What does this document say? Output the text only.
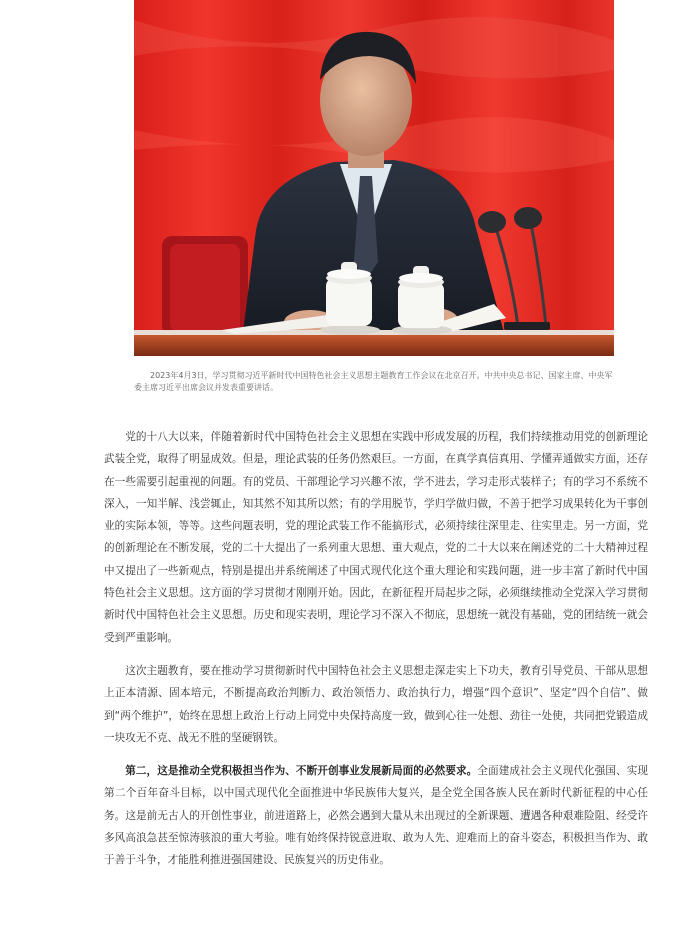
2023年4月3日，学习贯彻习近平新时代中国特色社会主义思想主题教育工作会议在北京召开。中共中央总书记、国家主席、中央军委主席习近平出席会议并发表重要讲话。

党的十八大以来，伴随着新时代中国特色社会主义思想在实践中形成发展的历程，我们持续推动用党的创新理论武装全党，取得了明显成效。但是，理论武装的任务仍然艰巨。一方面，在真学真信真用、学懂弄通做实方面，还存在一些需要引起重视的问题。有的党员、干部理论学习兴趣不浓，学不进去，学习走形式装样子；有的学习不系统不深入，一知半解、浅尝辄止，知其然不知其所以然；有的学用脱节，学归学做归做，不善于把学习成果转化为干事创业的实际本领，等等。这些问题表明，党的理论武装工作不能搞形式，必须持续往深里走、往实里走。另一方面，党的创新理论在不断发展，党的二十大提出了一系列重大思想、重大观点，党的二十大以来在阐述党的二十大精神过程中又提出了一些新观点，特别是提出并系统阐述了中国式现代化这个重大理论和实践问题，进一步丰富了新时代中国特色社会主义思想。这方面的学习贯彻才刚刚开始。因此，在新征程开局起步之际，必须继续推动全党深入学习贯彻新时代中国特色社会主义思想。历史和现实表明，理论学习不深入不彻底，思想统一就没有基础，党的团结统一就会受到严重影响。

这次主题教育，要在推动学习贯彻新时代中国特色社会主义思想走深走实上下功夫，教育引导党员、干部从思想上正本清源、固本培元，不断提高政治判断力、政治领悟力、政治执行力，增强“四个意识”、坚定“四个自信”、做到“两个维护”，始终在思想上政治上行动上同党中央保持高度一致，做到心往一处想、劲往一处使，共同把党锻造成一块攻无不克、战无不胜的坚硬钢铁。

第二，这是推动全党积极担当作为、不断开创事业发展新局面的必然要求。全面建成社会主义现代化强国、实现第二个百年奋斗目标，以中国式现代化全面推进中华民族伟大复兴，是全党全国各族人民在新时代新征程的中心任务。这是前无古人的开创性事业，前进道路上，必然会遇到大量从未出现过的全新课题、遭遇各种艰难险阻、经受许多风高浪急甚至惊涛骇浪的重大考验。唯有始终保持锐意进取、敢为人先、迎难而上的奋斗姿态，积极担当作为、敢于善于斗争，才能胜利推进强国建设、民族复兴的历史伟业。
